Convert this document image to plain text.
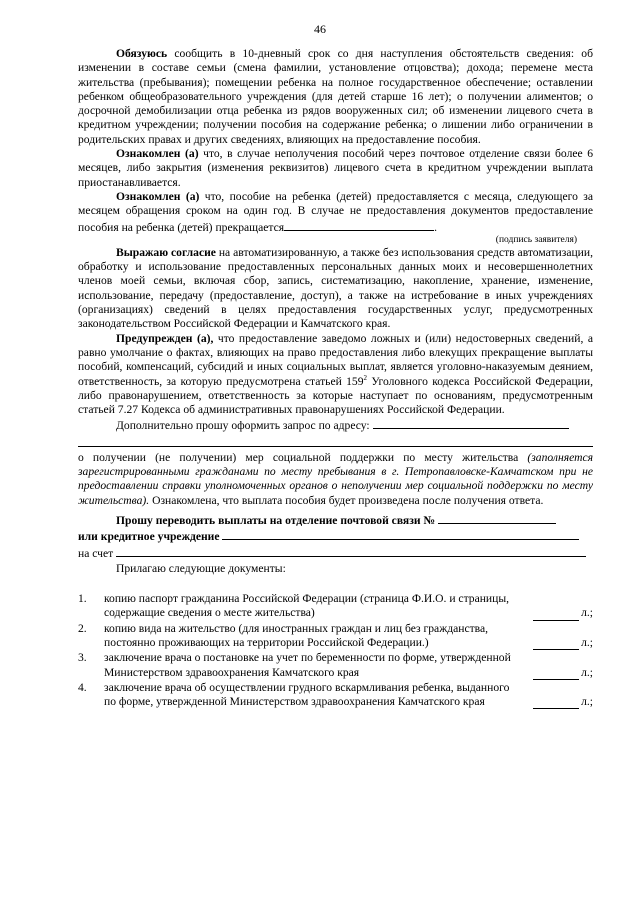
46

Обязуюсь сообщить в 10-дневный срок со дня наступления обстоятельств сведения: об изменении в составе семьи (смена фамилии, установление отцовства); дохода; перемене места жительства (пребывания); помещении ребенка на полное государственное обеспечение; оставлении ребенком общеобразовательного учреждения (для детей старше 16 лет); о получении алиментов; о досрочной демобилизации отца ребенка из рядов вооруженных сил; об изменении лицевого счета в кредитном учреждении; получении пособия на содержание ребенка; о лишении либо ограничении в родительских правах и других сведениях, влияющих на предоставление пособия.

Ознакомлен (а) что, в случае неполучения пособий через почтовое отделение связи более 6 месяцев, либо закрытия (изменения реквизитов) лицевого счета в кредитном учреждении выплата приостанавливается.

Ознакомлен (а) что, пособие на ребенка (детей) предоставляется с месяца, следующего за месяцем обращения сроком на один год. В случае не предоставления документов предоставление пособия на ребенка (детей) прекращается	.

(подпись заявителя)

Выражаю согласие на автоматизированную, а также без использования средств автоматизации, обработку и использование предоставленных персональных данных моих и несовершеннолетних членов моей семьи, включая сбор, запись, систематизацию, накопление, хранение, изменение, использование, передачу (предоставление, доступ), а также на истребование в иных учреждениях (организациях) сведений в целях предоставления государственных услуг, предусмотренных законодательством Российской Федерации и Камчатского края.

Предупрежден (а), что предоставление заведомо ложных и (или) недостоверных сведений, а равно умолчание о фактах, влияющих на право предоставления либо влекущих прекращение выплаты пособий, компенсаций, субсидий и иных социальных выплат, является уголовно-наказуемым деянием, ответственность, за которую предусмотрена статьей $159^2$ Уголовного кодекса Российской Федерации, либо правонарушением, ответственность за которые наступает по основаниям, предусмотренным статьей 7.27 Кодекса об административных правонарушениях Российской Федерации.

Дополнительно прошу оформить запрос по адресу:

о получении (не получении) мер социальной поддержки по месту жительства (заполняется зарегистрированными гражданами по месту пребывания в г. Петропавловске-Камчатском при не предоставлении справки уполномоченных органов о неполучении мер социальной поддержки по месту жительства). Ознакомлена, что выплата пособия будет произведена после получения ответа.

Прошу переводить выплаты на отделение почтовой связи №

или кредитное учреждение

на счет

Прилагаю следующие документы:

1.	копию паспорт гражданина Российской Федерации (страница Ф.И.О. и страницы, содержащие сведения о месте жительства)	л.;
2.	копию вида на жительство (для иностранных граждан и лиц без гражданства, постоянно проживающих на территории Российской Федерации.)	л.;
3.	заключение врача о постановке на учет по беременности по форме, утвержденной Министерством здравоохранения Камчатского края	л.;
4.	заключение врача об осуществлении грудного вскармливания ребенка, выданного по форме, утвержденной Министерством здравоохранения Камчатского края	л.;
